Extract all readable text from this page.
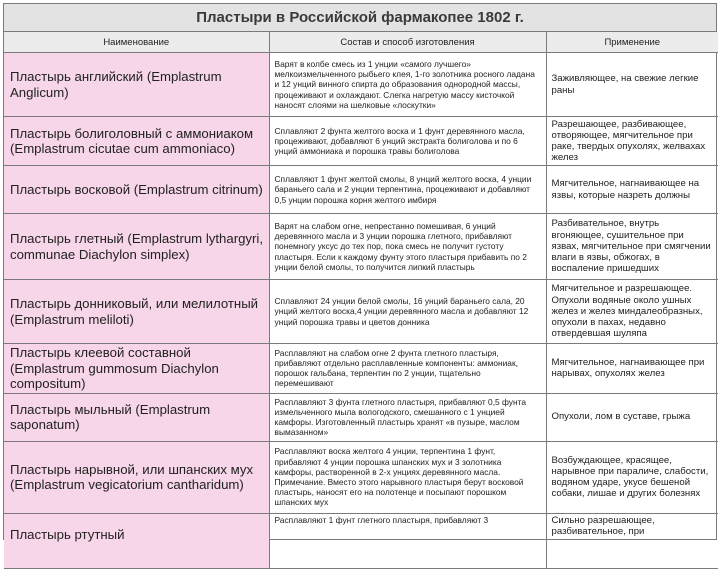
Пластыри в Российской фармакопее 1802 г.
Наименование	Состав и способ изготовления	Применение
Пластырь английский (Emplastrum Anglicum)	Варят в колбе смесь из 1 унции «самого лучшего» мелкоизмельченного рыбьего клея, 1-го золотника росного ладана и 12 унций винного спирта до образования однородной массы, процеживают и охлаждают. Слегка нагретую массу кисточкой наносят слоями на шелковые «лоскутки»	Заживляющее, на свежие легкие раны
Пластырь болиголовный с аммониаком (Emplastrum cicutae cum ammoniaco)	Сплавляют 2 фунта желтого воска и 1 фунт деревянного масла, процеживают, добавляют 6 унций экстракта болиголова и по 6 унций аммониака и порошка травы болиголова	Разрешающее, разбивающее, отворяющее, мягчительное при раке, твердых опухолях, желвахах желез
Пластырь восковой (Emplastrum citrinum)	Сплавляют 1 фунт желтой смолы, 8 унций желтого воска, 4 унции бараньего сала и 2 унции терпентина, процеживают и добавляют 0,5 унции порошка корня желтого имбиря	Мягчительное, нагнаивающее на язвы, которые назреть должны
Пластырь глетный (Emplastrum lythargyri, communae Diachylon simplex)	Варят на слабом огне, непрестанно помешивая, 6 унций деревянного масла и 3 унции порошка глетного, прибавляют понемногу уксус до тех пор, пока смесь не получит густоту пластыря. Если к каждому фунту этого пластыря прибавить по 2 унции белой смолы, то получится липкий пластырь	Разбивательное, внутрь вгоняющее, сушительное при язвах, мягчительное при смягчении влаги в язвы, обжогах, в воспаление пришедших
Пластырь донниковый, или мелилотный (Emplastrum meliloti)	Сплавляют 24 унции белой смолы, 16 унций бараньего сала, 20 унций желтого воска,4 унции деревянного масла и добавляют 12 унций порошка травы и цветов донника	Мягчительное и разрешающее. Опухоли водяные около ушных желез и желез миндалеобразных, опухоли в пахах, недавно отвердевшая шуляпа
Пластырь клеевой составной (Emplastrum gummosum Diachylon compositum)	Расплавляют на слабом огне 2 фунта глетного пластыря, прибавляют отдельно расплавленные компоненты: аммониак, порошок гальбана, терпентин по 2 унции, тщательно перемешивают	Мягчительное, нагнаивающее при нарывах, опухолях желез
Пластырь мыльный (Emplastrum saponatum)	Расплавляют 3 фунта глетного пластыря, прибавляют 0,5 фунта измельченного мыла вологодского, смешанного с 1 унцией камфоры. Изготовленный пластырь хранят «в пузыре, маслом вымазанном»	Опухоли, лом в суставе, грыжа
Пластырь нарывной, или шпанских мух (Emplastrum vegicatorium cantharidum)	Расплавляют воска желтого 4 унции, терпентина 1 фунт, прибавляют 4 унции порошка шпанских мух и 3 золотника камфоры, растворенной в 2-х унциях деревянного масла. Примечание. Вместо этого нарывного пластыря берут восковой пластырь, наносят его на полотенце и посыпают порошком шпанских мух	Возбуждающее, красящее, нарывное при параличе, слабости, водяном ударе, укусе бешеной собаки, лишае и других болезнях
Пластырь ртутный	Расплавляют 1 фунт глетного пластыря, прибавляют 3	Сильно разрешающее, разбивательное, при
